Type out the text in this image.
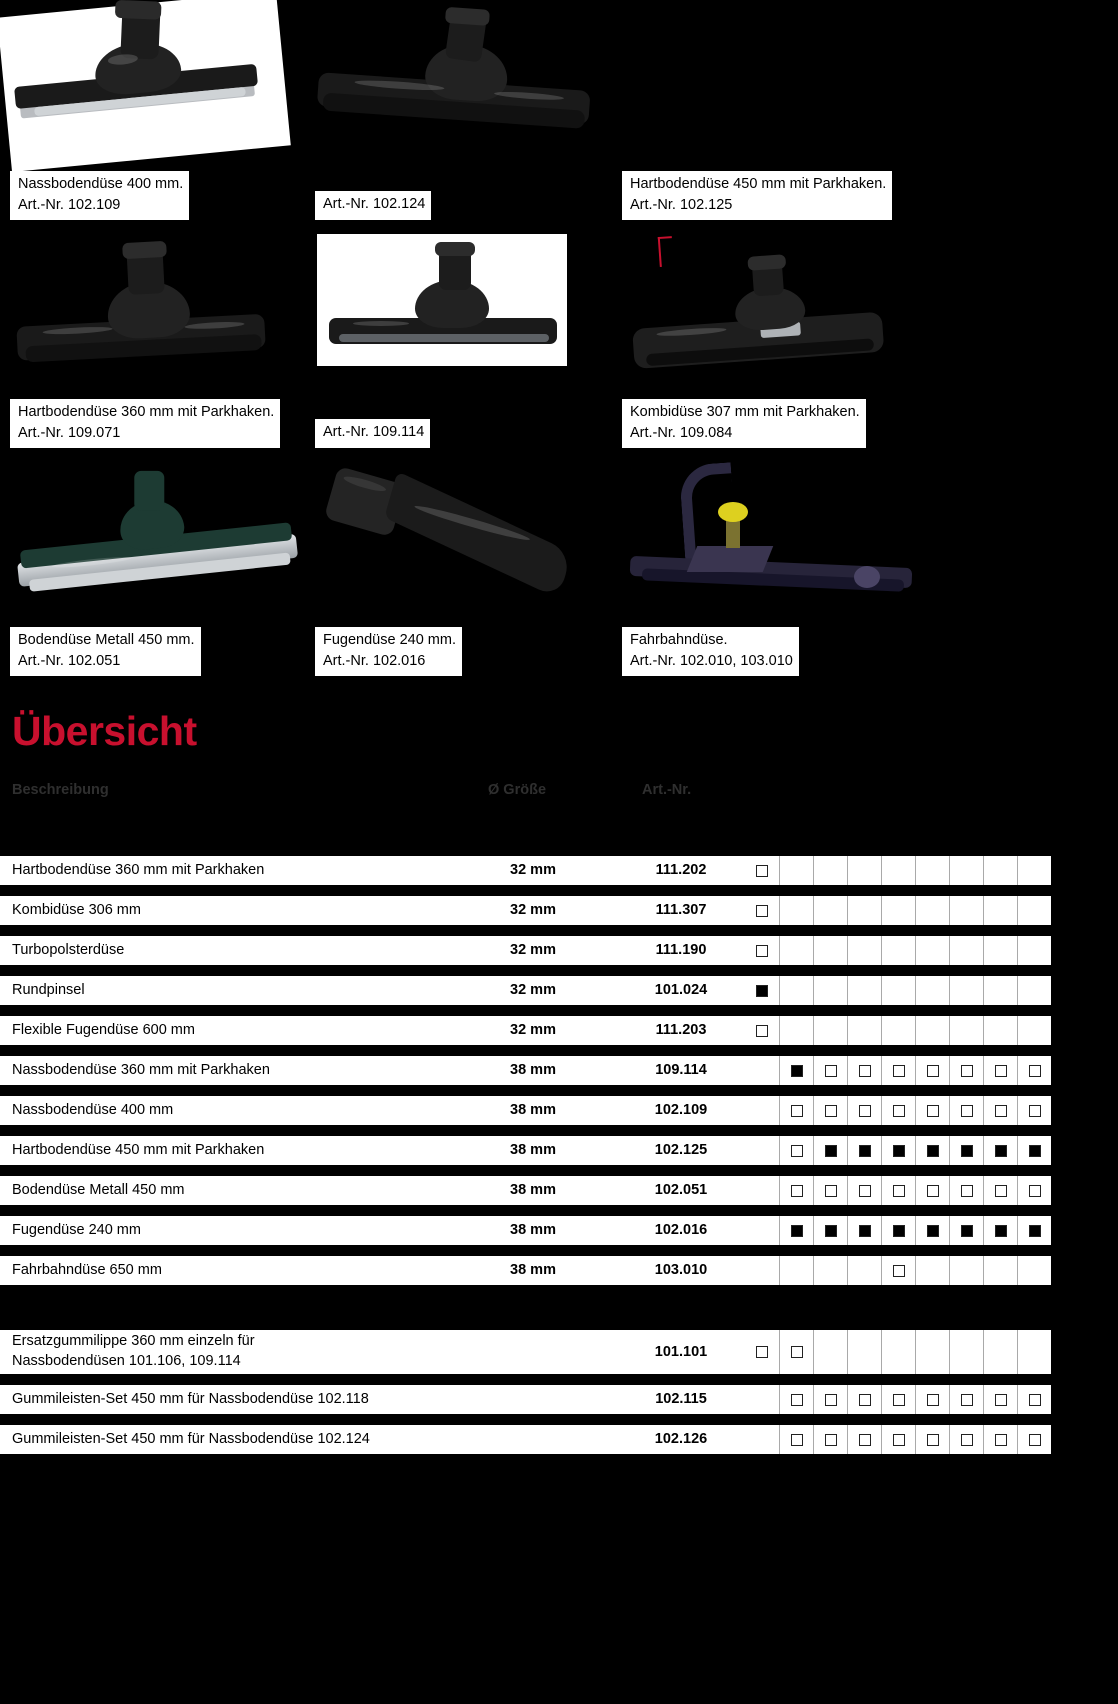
Nassbodendüse 400 mm.
Art.-Nr. 102.109	Art.-Nr. 102.124
Hartbodendüse 450 mm mit Parkhaken.
Art.-Nr. 102.125
Hartbodendüse 360 mm mit Parkhaken.
Art.-Nr. 109.071	Art.-Nr. 109.114
Kombidüse 307 mm mit Parkhaken.
Art.-Nr. 109.084
Bodendüse Metall 450 mm.
Art.-Nr. 102.051
Fugendüse 240 mm.
Art.-Nr. 102.016
Fahrbahndüse.
Art.-Nr. 102.010, 103.010
Übersicht
Beschreibung	Ø Größe	Art.-Nr.
Hartbodendüse 360 mm mit Parkhaken	32 mm	111.202
Kombidüse 306 mm	32 mm	111.307
Turbopolsterdüse	32 mm	111.190
Rundpinsel	32 mm	101.024
Flexible Fugendüse 600 mm	32 mm	111.203
Nassbodendüse 360 mm mit Parkhaken	38 mm	109.114
Nassbodendüse 400 mm	38 mm	102.109
Hartbodendüse 450 mm mit Parkhaken	38 mm	102.125
Bodendüse Metall 450 mm	38 mm	102.051
Fugendüse 240 mm	38 mm	102.016
Fahrbahndüse 650 mm	38 mm	103.010
Ersatzgummilippe 360 mm einzeln für
Nassbodendüsen 101.106, 109.114
101.101
Gummileisten-Set 450 mm für Nassbodendüse 102.118	102.115
Gummileisten-Set 450 mm für Nassbodendüse 102.124	102.126
